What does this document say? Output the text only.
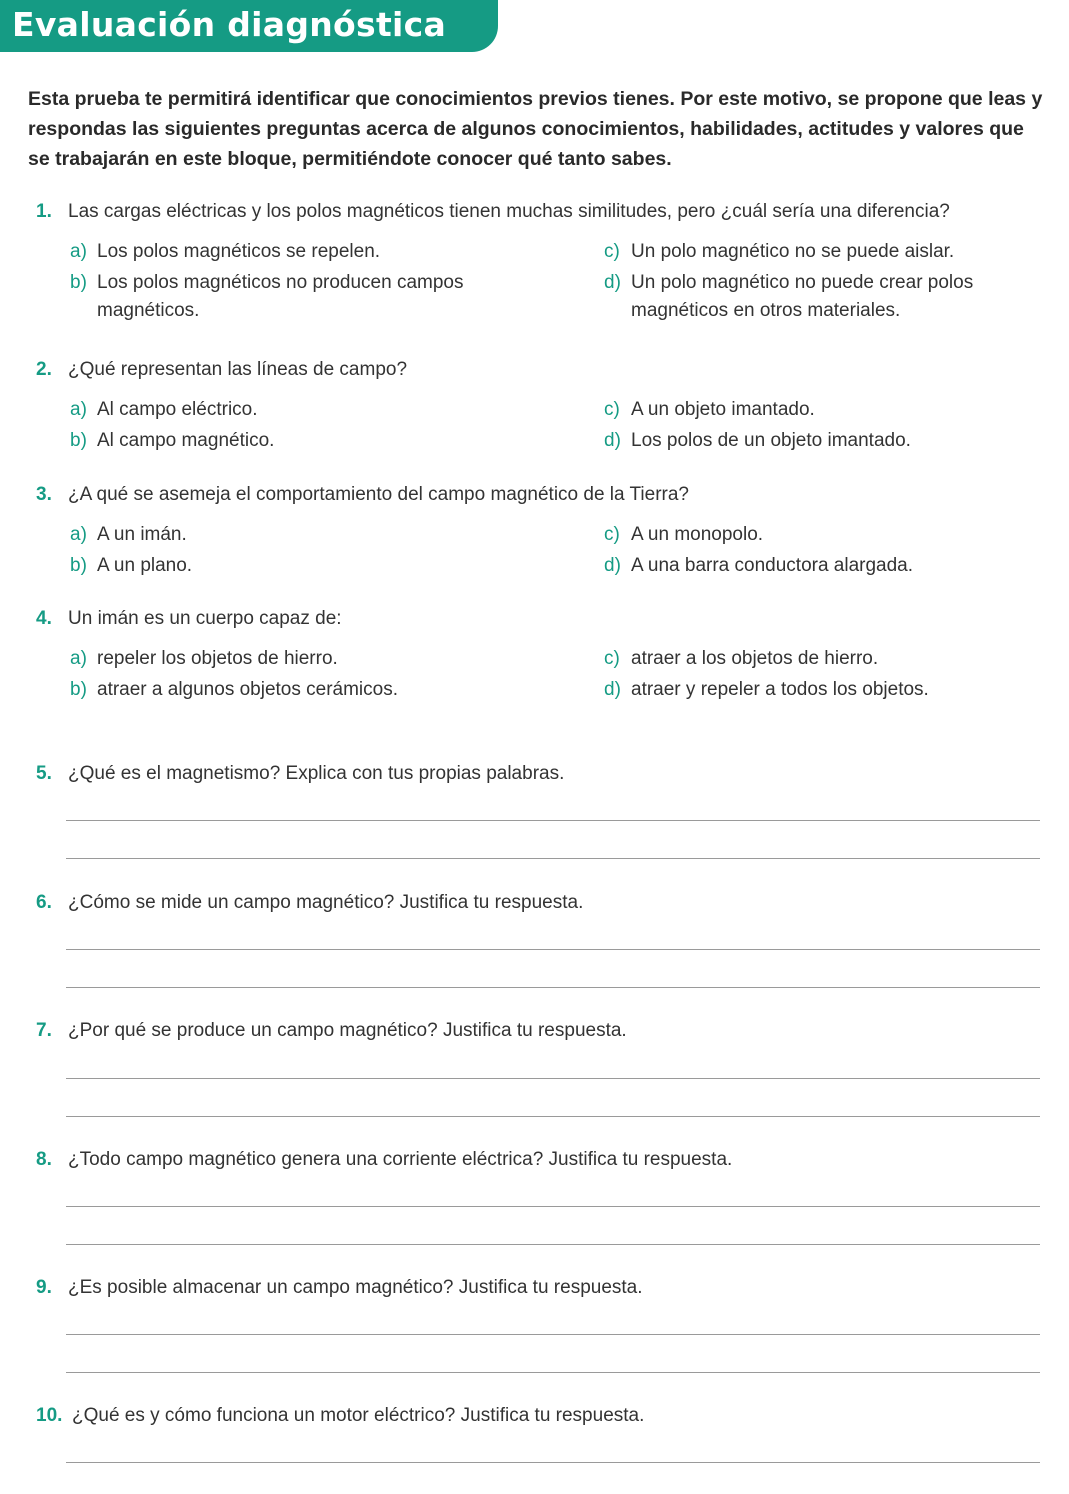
Evaluación diagnóstica

Esta prueba te permitirá identificar que conocimientos previos tienes. Por este motivo, se propone que leas y respondas las siguientes preguntas acerca de algunos conocimientos, habilidades, actitudes y valores que se trabajarán en este bloque, permitiéndote conocer qué tanto sabes.

1. Las cargas eléctricas y los polos magnéticos tienen muchas similitudes, pero ¿cuál sería una diferencia?
a) Los polos magnéticos se repelen.	c) Un polo magnético no se puede aislar.
b) Los polos magnéticos no producen campos magnéticos.
d) Un polo magnético no puede crear polos magnéticos en otros materiales.
2. ¿Qué representan las líneas de campo?
a) Al campo eléctrico.	c) A un objeto imantado.
b) Al campo magnético.	d) Los polos de un objeto imantado.
3. ¿A qué se asemeja el comportamiento del campo magnético de la Tierra?
a) A un imán.	c) A un monopolo.
b) A un plano.	d) A una barra conductora alargada.
4. Un imán es un cuerpo capaz de:
a) repeler los objetos de hierro.	c) atraer a los objetos de hierro.
b) atraer a algunos objetos cerámicos.	d) atraer y repeler a todos los objetos.
5. ¿Qué es el magnetismo? Explica con tus propias palabras.
6. ¿Cómo se mide un campo magnético? Justifica tu respuesta.
7. ¿Por qué se produce un campo magnético? Justifica tu respuesta.
8. ¿Todo campo magnético genera una corriente eléctrica? Justifica tu respuesta.
9. ¿Es posible almacenar un campo magnético? Justifica tu respuesta.
10. ¿Qué es y cómo funciona un motor eléctrico? Justifica tu respuesta.
